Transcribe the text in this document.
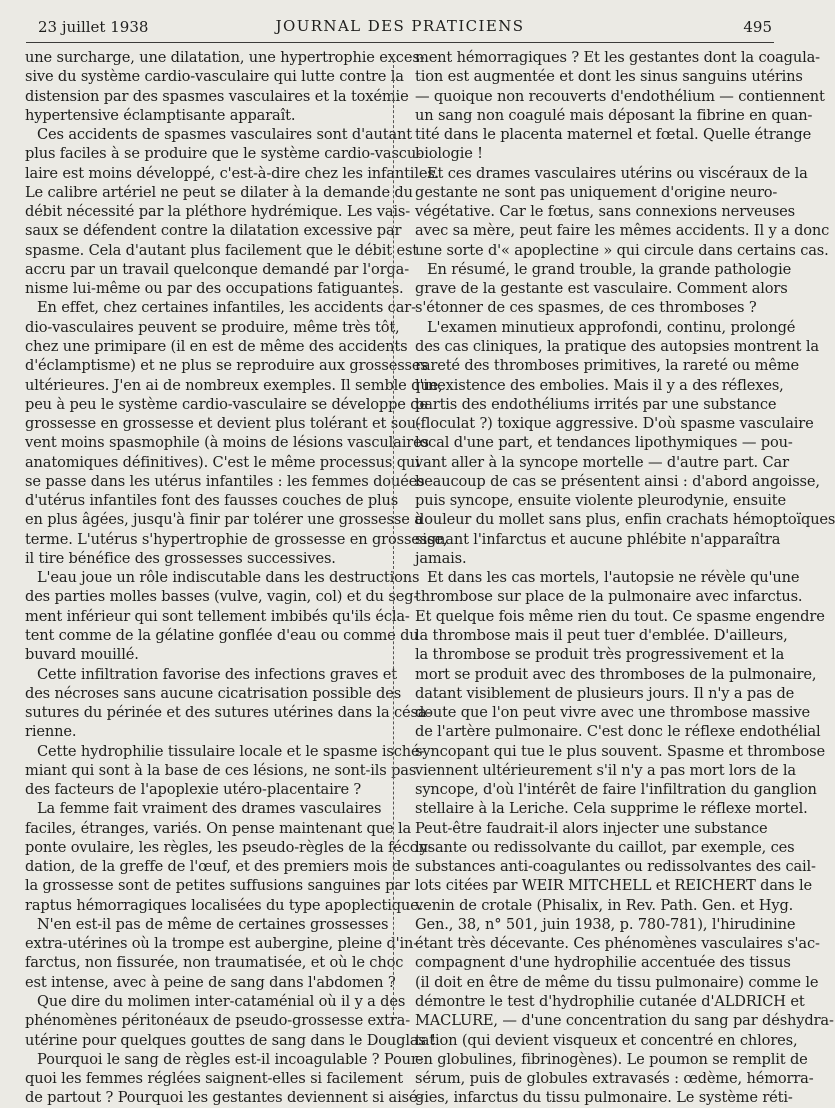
23 juillet 1938	JOURNAL DES PRATICIENS	495
une surcharge, une dilatation, une hypertrophie exces-
sive du système cardio-vasculaire qui lutte contre la
distension par des spasmes vasculaires et la toxémie
hypertensive éclamptisante apparaît.
Ces accidents de spasmes vasculaires sont d'autant
plus faciles à se produire que le système cardio-vascu-
laire est moins développé, c'est-à-dire chez les infantiles.
Le calibre artériel ne peut se dilater à la demande du
débit nécessité par la pléthore hydrémique. Les vais-
saux se défendent contre la dilatation excessive par
spasme. Cela d'autant plus facilement que le débit est
accru par un travail quelconque demandé par l'orga-
nisme lui-même ou par des occupations fatiguantes.
En effet, chez certaines infantiles, les accidents car-
dio-vasculaires peuvent se produire, même très tôt,
chez une primipare (il en est de même des accidents
d'éclamptisme) et ne plus se reproduire aux grossesses
ultérieures. J'en ai de nombreux exemples. Il semble que,
peu à peu le système cardio-vasculaire se développe de
grossesse en grossesse et devient plus tolérant et sou-
vent moins spasmophile (à moins de lésions vasculaires
anatomiques définitives). C'est le même processus qui
se passe dans les utérus infantiles : les femmes douées
d'utérus infantiles font des fausses couches de plus
en plus âgées, jusqu'à finir par tolérer une grossesse à
terme. L'utérus s'hypertrophie de grossesse en grossesse,
il tire bénéfice des grossesses successives.
L'eau joue un rôle indiscutable dans les destructions
des parties molles basses (vulve, vagin, col) et du seg-
ment inférieur qui sont tellement imbibés qu'ils écla-
tent comme de la gélatine gonflée d'eau ou comme du
buvard mouillé.
Cette infiltration favorise des infections graves et
des nécroses sans aucune cicatrisation possible des
sutures du périnée et des sutures utérines dans la césa-
rienne.
Cette hydrophilie tissulaire locale et le spasme isché-
miant qui sont à la base de ces lésions, ne sont-ils pas
des facteurs de l'apoplexie utéro-placentaire ?
La femme fait vraiment des drames vasculaires
faciles, étranges, variés. On pense maintenant que la
ponte ovulaire, les règles, les pseudo-règles de la fécon-
dation, de la greffe de l'œuf, et des premiers mois de
la grossesse sont de petites suffusions sanguines par
raptus hémorragiques localisées du type apoplectique.
N'en est-il pas de même de certaines grossesses
extra-utérines où la trompe est aubergine, pleine d'in-
farctus, non fissurée, non traumatisée, et où le choc
est intense, avec à peine de sang dans l'abdomen ?
Que dire du molimen inter-cataménial où il y a des
phénomènes péritonéaux de pseudo-grossesse extra-
utérine pour quelques gouttes de sang dans le Douglas !
Pourquoi le sang de règles est-il incoagulable ? Pour-
quoi les femmes réglées saignent-elles si facilement
de partout ? Pourquoi les gestantes deviennent si aisé-
ment hémorragiques ? Et les gestantes dont la coagula-
tion est augmentée et dont les sinus sanguins utérins
— quoique non recouverts d'endothélium — contiennent
un sang non coagulé mais déposant la fibrine en quan-
tité dans le placenta maternel et fœtal. Quelle étrange
biologie !
Et ces drames vasculaires utérins ou viscéraux de la
gestante ne sont pas uniquement d'origine neuro-
végétative. Car le fœtus, sans connexions nerveuses
avec sa mère, peut faire les mêmes accidents. Il y a donc
une sorte d'« apoplectine » qui circule dans certains cas.
En résumé, le grand trouble, la grande pathologie
grave de la gestante est vasculaire. Comment alors
s'étonner de ces spasmes, de ces thromboses ?
L'examen minutieux approfondi, continu, prolongé
des cas cliniques, la pratique des autopsies montrent la
rareté des thromboses primitives, la rareté ou même
l'inexistence des embolies. Mais il y a des réflexes,
partis des endothéliums irrités par une substance
(floculat ?) toxique aggressive. D'où spasme vasculaire
local d'une part, et tendances lipothymiques — pou-
vant aller à la syncope mortelle — d'autre part. Car
beaucoup de cas se présentent ainsi : d'abord angoisse,
puis syncope, ensuite violente pleurodynie, ensuite
douleur du mollet sans plus, enfin crachats hémoptoïques
signant l'infarctus et aucune phlébite n'apparaîtra
jamais.
Et dans les cas mortels, l'autopsie ne révèle qu'une
thrombose sur place de la pulmonaire avec infarctus.
Et quelque fois même rien du tout. Ce spasme engendre
la thrombose mais il peut tuer d'emblée. D'ailleurs,
la thrombose se produit très progressivement et la
mort se produit avec des thromboses de la pulmonaire,
datant visiblement de plusieurs jours. Il n'y a pas de
doute que l'on peut vivre avec une thrombose massive
de l'artère pulmonaire. C'est donc le réflexe endothélial
syncopant qui tue le plus souvent. Spasme et thrombose
viennent ultérieurement s'il n'y a pas mort lors de la
syncope, d'où l'intérêt de faire l'infiltration du ganglion
stellaire à la Leriche. Cela supprime le réflexe mortel.
Peut-être faudrait-il alors injecter une substance
lysante ou redissolvante du caillot, par exemple, ces
substances anti-coagulantes ou redissolvantes des cail-
lots citées par WEIR MITCHELL et REICHERT dans le
venin de crotale (Phisalix, in Rev. Path. Gen. et Hyg.
Gen., 38, n° 501, juin 1938, p. 780-781), l'hirudinine
étant très décevante. Ces phénomènes vasculaires s'ac-
compagnent d'une hydrophilie accentuée des tissus
(il doit en être de même du tissu pulmonaire) comme le
démontre le test d'hydrophilie cutanée d'ALDRICH et
MACLURE, — d'une concentration du sang par déshydra-
tation (qui devient visqueux et concentré en chlores,
en globulines, fibrinogènes). Le poumon se remplit de
sérum, puis de globules extravasés : œdème, hémorra-
gies, infarctus du tissu pulmonaire. Le système réti-
